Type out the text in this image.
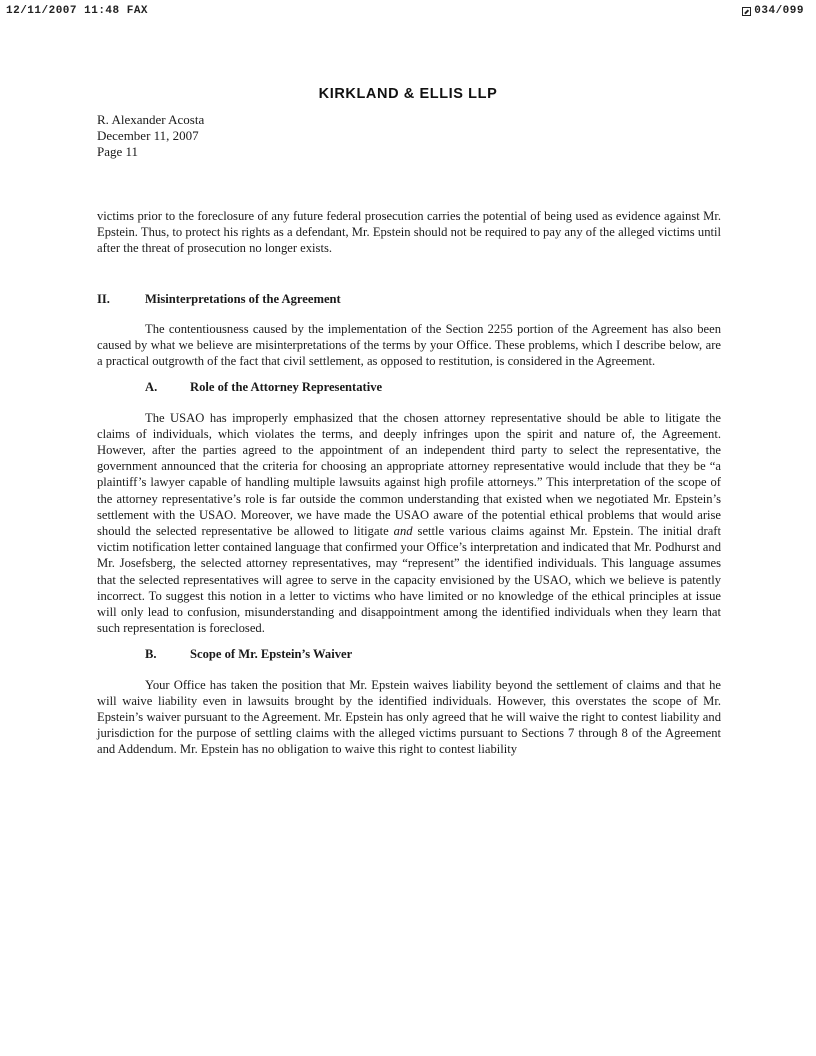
12/11/2007 11:48 FAX	034/099
KIRKLAND & ELLIS LLP
R. Alexander Acosta
December 11, 2007
Page 11

victims prior to the foreclosure of any future federal prosecution carries the potential of being used as evidence against Mr. Epstein. Thus, to protect his rights as a defendant, Mr. Epstein should not be required to pay any of the alleged victims until after the threat of prosecution no longer exists.

II.	Misinterpretations of the Agreement

The contentiousness caused by the implementation of the Section 2255 portion of the Agreement has also been caused by what we believe are misinterpretations of the terms by your Office. These problems, which I describe below, are a practical outgrowth of the fact that civil settlement, as opposed to restitution, is considered in the Agreement.

A.	Role of the Attorney Representative

The USAO has improperly emphasized that the chosen attorney representative should be able to litigate the claims of individuals, which violates the terms, and deeply infringes upon the spirit and nature of, the Agreement. However, after the parties agreed to the appointment of an independent third party to select the representative, the government announced that the criteria for choosing an appropriate attorney representative would include that they be “a plaintiff’s lawyer capable of handling multiple lawsuits against high profile attorneys.” This interpretation of the scope of the attorney representative’s role is far outside the common understanding that existed when we negotiated Mr. Epstein’s settlement with the USAO. Moreover, we have made the USAO aware of the potential ethical problems that would arise should the selected representative be allowed to litigate and settle various claims against Mr. Epstein. The initial draft victim notification letter contained language that confirmed your Office’s interpretation and indicated that Mr. Podhurst and Mr. Josefsberg, the selected attorney representatives, may “represent” the identified individuals. This language assumes that the selected representatives will agree to serve in the capacity envisioned by the USAO, which we believe is patently incorrect. To suggest this notion in a letter to victims who have limited or no knowledge of the ethical principles at issue will only lead to confusion, misunderstanding and disappointment among the identified individuals when they learn that such representation is foreclosed.

B.	Scope of Mr. Epstein’s Waiver

Your Office has taken the position that Mr. Epstein waives liability beyond the settlement of claims and that he will waive liability even in lawsuits brought by the identified individuals. However, this overstates the scope of Mr. Epstein’s waiver pursuant to the Agreement. Mr. Epstein has only agreed that he will waive the right to contest liability and jurisdiction for the purpose of settling claims with the alleged victims pursuant to Sections 7 through 8 of the Agreement and Addendum. Mr. Epstein has no obligation to waive this right to contest liability
